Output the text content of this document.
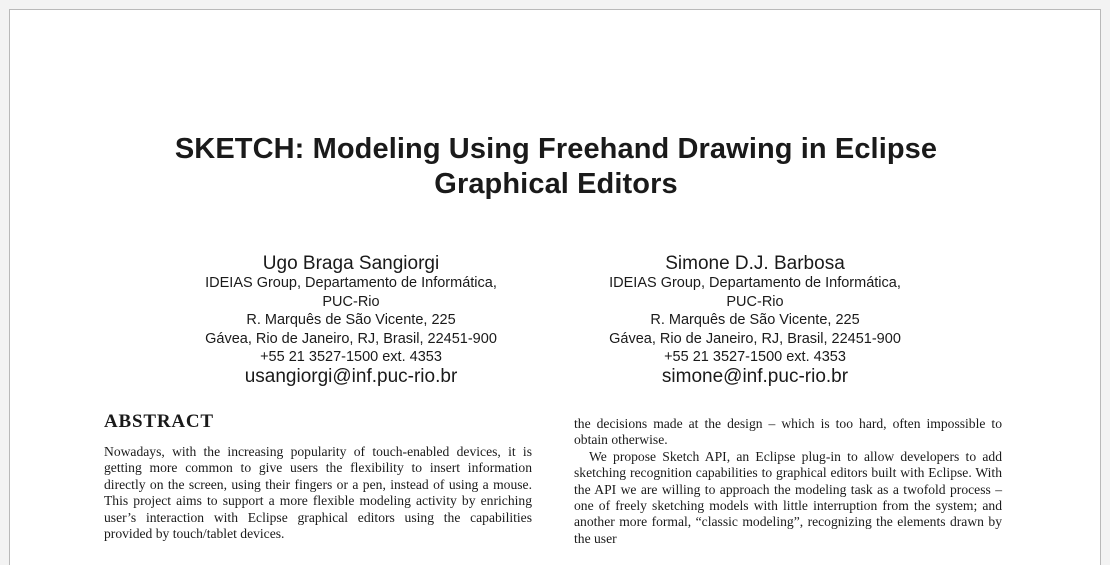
SKETCH: Modeling Using Freehand Drawing in Eclipse
Graphical Editors
Ugo Braga Sangiorgi
IDEIAS Group, Departamento de Informática,
PUC-Rio
R. Marquês de São Vicente, 225
Gávea, Rio de Janeiro, RJ, Brasil, 22451-900
+55 21 3527-1500 ext. 4353
usangiorgi@inf.puc-rio.br
Simone D.J. Barbosa
IDEIAS Group, Departamento de Informática,
PUC-Rio
R. Marquês de São Vicente, 225
Gávea, Rio de Janeiro, RJ, Brasil, 22451-900
+55 21 3527-1500 ext. 4353
simone@inf.puc-rio.br
ABSTRACT

Nowadays, with the increasing popularity of touch-enabled devices, it is getting more common to give users the flexibility to insert information directly on the screen, using their fingers or a pen, instead of using a mouse. This project aims to support a more flexible modeling activity by enriching user’s interaction with Eclipse graphical editors using the capabilities provided by touch/tablet devices.

the decisions made at the design – which is too hard, often impossible to obtain otherwise.

We propose Sketch API, an Eclipse plug-in to allow developers to add sketching recognition capabilities to graphical editors built with Eclipse. With the API we are willing to approach the modeling task as a twofold process – one of freely sketching models with little interruption from the system; and another more formal, “classic modeling”, recognizing the elements drawn by the user
